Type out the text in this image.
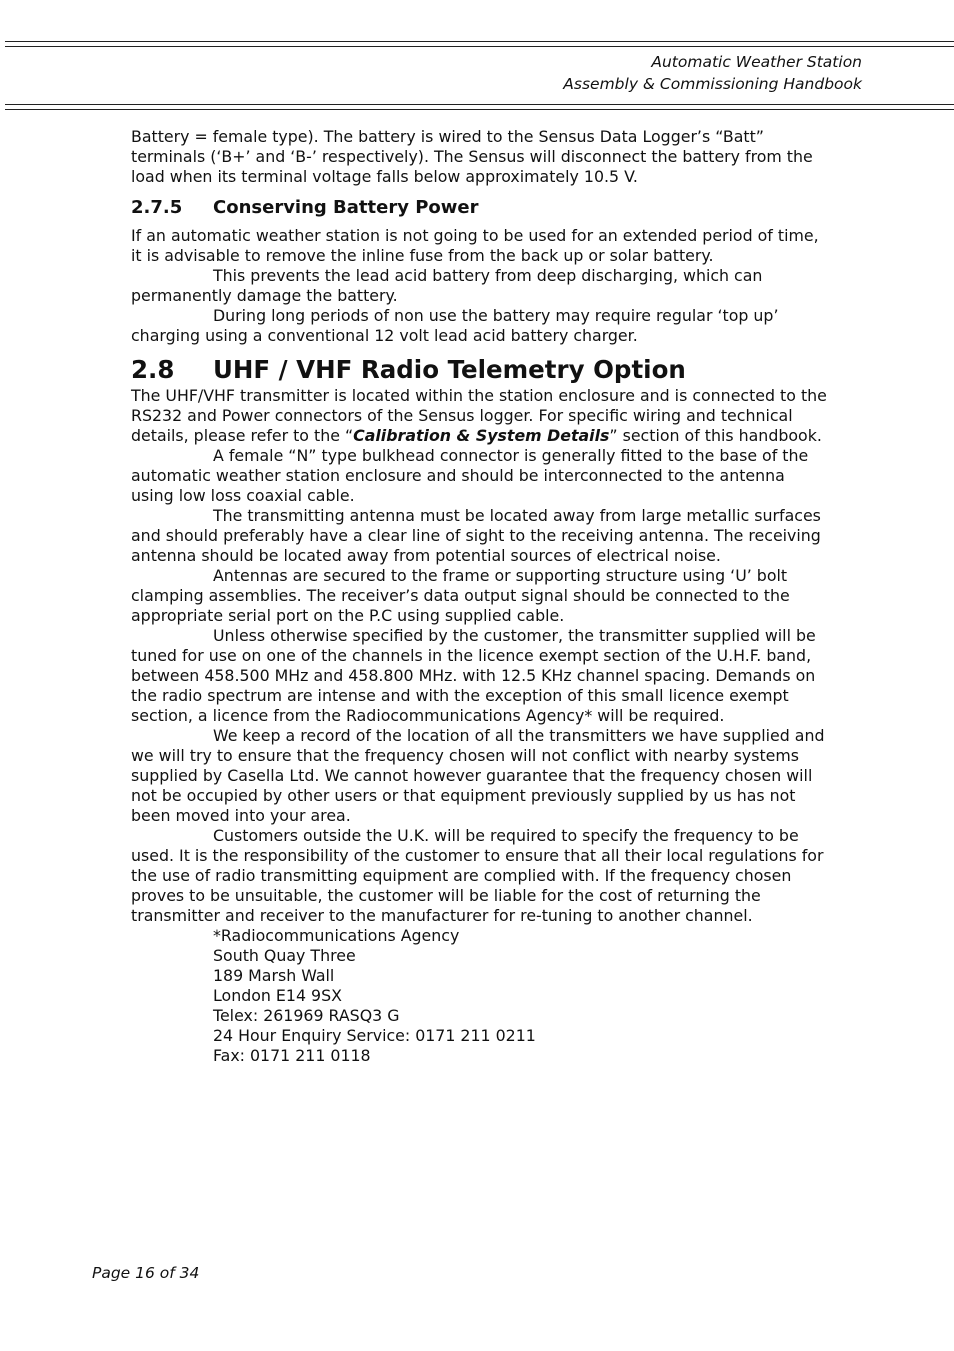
Automatic Weather Station
Assembly & Commissioning Handbook

Battery = female type). The battery is wired to the Sensus Data Logger’s “Batt” terminals (‘B+’ and ‘B-’ respectively). The Sensus will disconnect the battery from the load when its terminal voltage falls below approximately 10.5 V.

2.7.5	Conserving Battery Power

If an automatic weather station is not going to be used for an extended period of time, it is advisable to remove the inline fuse from the back up or solar battery.

This prevents the lead acid battery from deep discharging, which can permanently damage the battery.

During long periods of non use the battery may require regular ‘top up’ charging using a conventional 12 volt lead acid battery charger.

2.8	UHF / VHF Radio Telemetry Option

The UHF/VHF transmitter is located within the station enclosure and is connected to the RS232 and Power connectors of the Sensus logger. For specific wiring and technical details, please refer to the “Calibration & System Details” section of this handbook.

A female “N” type bulkhead connector is generally fitted to the base of the automatic weather station enclosure and should be interconnected to the antenna using low loss coaxial cable.

The transmitting antenna must be located away from large metallic surfaces and should preferably have a clear line of sight to the receiving antenna. The receiving antenna should be located away from potential sources of electrical noise.

Antennas are secured to the frame or supporting structure using ‘U’ bolt clamping assemblies. The receiver’s data output signal should be connected to the appropriate serial port on the P.C using supplied cable.

Unless otherwise specified by the customer, the transmitter supplied will be tuned for use on one of the channels in the licence exempt section of the U.H.F. band, between 458.500 MHz and 458.800 MHz. with 12.5 KHz channel spacing. Demands on the radio spectrum are intense and with the exception of this small licence exempt section, a licence from the Radiocommunications Agency* will be required.

We keep a record of the location of all the transmitters we have supplied and we will try to ensure that the frequency chosen will not conflict with nearby systems supplied by Casella Ltd. We cannot however guarantee that the frequency chosen will not be occupied by other users or that equipment previously supplied by us has not been moved into your area.

Customers outside the U.K. will be required to specify the frequency to be used. It is the responsibility of the customer to ensure that all their local regulations for the use of radio transmitting equipment are complied with. If the frequency chosen proves to be unsuitable, the customer will be liable for the cost of returning the transmitter and receiver to the manufacturer for re-tuning to another channel.

*Radiocommunications Agency
South Quay Three
189 Marsh Wall
London E14 9SX
Telex: 261969 RASQ3 G
24 Hour Enquiry Service: 0171 211 0211
Fax: 0171 211 0118
Page 16 of 34
